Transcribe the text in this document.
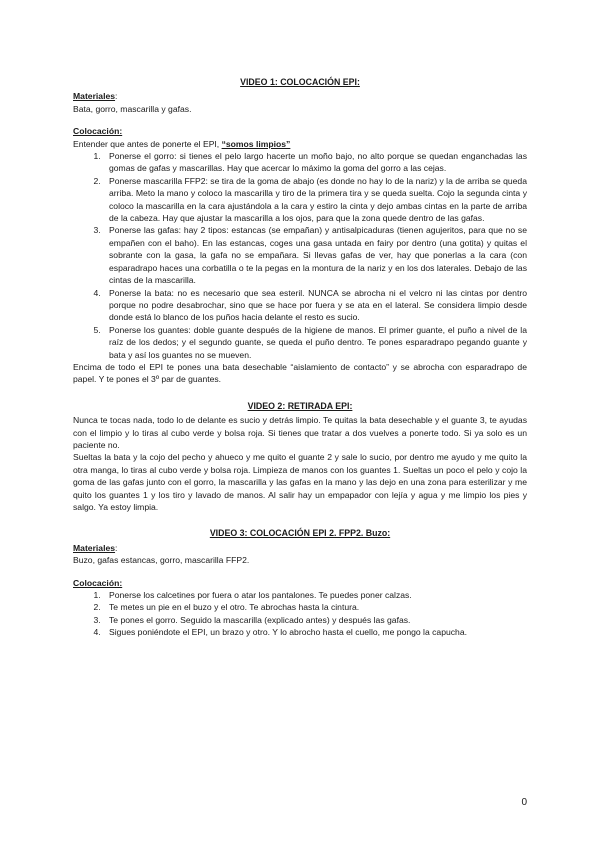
VIDEO 1: COLOCACIÓN EPI:

Materiales:

Bata, gorro, mascarilla y gafas.

Colocación:

Entender que antes de ponerte el EPI, “somos limpios”

1. Ponerse el gorro: si tienes el pelo largo hacerte un moño bajo, no alto porque se quedan enganchadas las gomas de gafas y mascarillas. Hay que acercar lo máximo la goma del gorro a las cejas.
2. Ponerse mascarilla FFP2: se tira de la goma de abajo (es donde no hay lo de la nariz) y la de arriba se queda arriba. Meto la mano y coloco la mascarilla y tiro de la primera tira y se queda suelta. Cojo la segunda cinta y coloco la mascarilla en la cara ajustándola a la cara y estiro la cinta y dejo ambas cintas en la parte de arriba de la cabeza. Hay que ajustar la mascarilla a los ojos, para que la zona quede dentro de las gafas.
3. Ponerse las gafas: hay 2 tipos: estancas (se empañan) y antisalpicaduras (tienen agujeritos, para que no se empañen con el baho). En las estancas, coges una gasa untada en fairy por dentro (una gotita) y quitas el sobrante con la gasa, la gafa no se empañara. Si llevas gafas de ver, hay que ponerlas a la cara (con esparadrapo haces una corbatilla o te la pegas en la montura de la nariz y en los dos laterales. Debajo de las cintas de la mascarilla.
4. Ponerse la bata: no es necesario que sea esteril. NUNCA se abrocha ni el velcro ni las cintas por dentro porque no podre desabrochar, sino que se hace por fuera y se ata en el lateral. Se considera limpio desde donde está lo blanco de los puños hacia delante el resto es sucio.
5. Ponerse los guantes: doble guante después de la higiene de manos. El primer guante, el puño a nivel de la raíz de los dedos; y el segundo guante, se queda el puño dentro. Te pones esparadrapo pegando guante y bata y así los guantes no se mueven.

Encima de todo el EPI te pones una bata desechable “aislamiento de contacto” y se abrocha con esparadrapo de papel. Y te pones el 3º par de guantes.

VIDEO 2: RETIRADA EPI:

Nunca te tocas nada, todo lo de delante es sucio y detrás limpio. Te quitas la bata desechable y el guante 3, te ayudas con el limpio y lo tiras al cubo verde y bolsa roja. Si tienes que tratar a dos vuelves a ponerte todo. Si ya solo es un paciente no.

Sueltas la bata y la cojo del pecho y ahueco y me quito el guante 2 y sale lo sucio, por dentro me ayudo y me quito la otra manga, lo tiras al cubo verde y bolsa roja. Limpieza de manos con los guantes 1. Sueltas un poco el pelo y cojo la goma de las gafas junto con el gorro, la mascarilla y las gafas en la mano y las dejo en una zona para esterilizar y me quito los guantes 1 y los tiro y lavado de manos. Al salir hay un empapador con lejía y agua y me limpio los pies y salgo. Ya estoy limpia.

VIDEO 3: COLOCACIÓN EPI 2. FPP2. Buzo:

Materiales:

Buzo, gafas estancas, gorro, mascarilla FFP2.

Colocación:

1. Ponerse los calcetines por fuera o atar los pantalones. Te puedes poner calzas.
2. Te metes un pie en el buzo y el otro. Te abrochas hasta la cintura.
3. Te pones el gorro. Seguido la mascarilla (explicado antes) y después las gafas.
4. Sigues poniéndote el EPI, un brazo y otro. Y lo abrocho hasta el cuello, me pongo la capucha.
0
